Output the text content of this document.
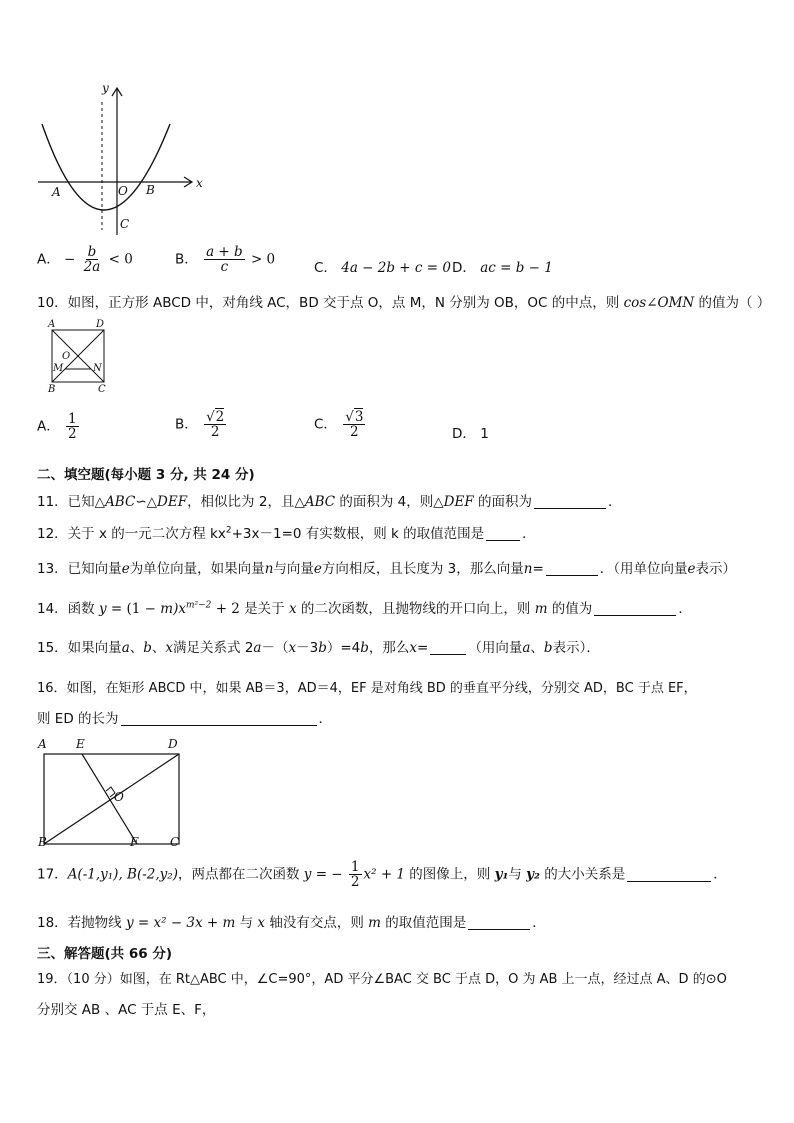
y
x
A	O B
C
A． − $\frac{b}{2a} < 0$	B． $\frac{a + b}{c} > 0$
C． 4a − 2b + c = 0 D． ac = b − 1
10．如图，正方形 ABCD 中，对角线 AC，BD 交于点 O，点 M，N 分别为 OB，OC 的中点，则 cos∠OMN 的值为（ ）
A	D
O
M	N
B	C
A． $\frac{1}{2}$	B． $\frac{√2}{2}$	C． $\frac{√3}{2}$	D． 1
二、填空题(每小题 3 分, 共 24 分)
11．已知△ABC∽△DEF，相似比为 2，且△ABC 的面积为 4，则△DEF 的面积为	．
12．关于 x 的一元二次方程 $kx^2+3x-1=0$ 有实数根，则 k 的取值范围是	．
13．已知向量e为单位向量，如果向量n与向量e方向相反，且长度为 3，那么向量n=	．（用单位向量e表示）
14．函数 $y = (1 - m)x^{m^2-2} + 2$ 是关于 x 的二次函数，且抛物线的开口向上，则 m 的值为	．
15．如果向量a、b、x满足关系式 2a－（x－3b）=4b，那么x=	（用向量a、b表示）．
16．如图，在矩形 ABCD 中，如果 AB＝3，AD＝4，EF 是对角线 BD 的垂直平分线，分别交 AD，BC 于点 EF，
则 ED 的长为	．
A E	D
O
B	F	C
17．A(-1,y₁), B(-2,y₂)，两点都在二次函数 y = − $\frac{1}{2} x^2 + 1$ 的图像上，则 y₁与 y₂ 的大小关系是	．
18．若抛物线 y = x² − 3x + m 与 x 轴没有交点，则 m 的取值范围是	．
三、解答题(共 66 分)
19．（10 分）如图，在 Rt△ABC 中，∠C=90°，AD 平分∠BAC 交 BC 于点 D，O 为 AB 上一点，经过点 A、D 的⊙O
分别交 AB 、AC 于点 E、F，
